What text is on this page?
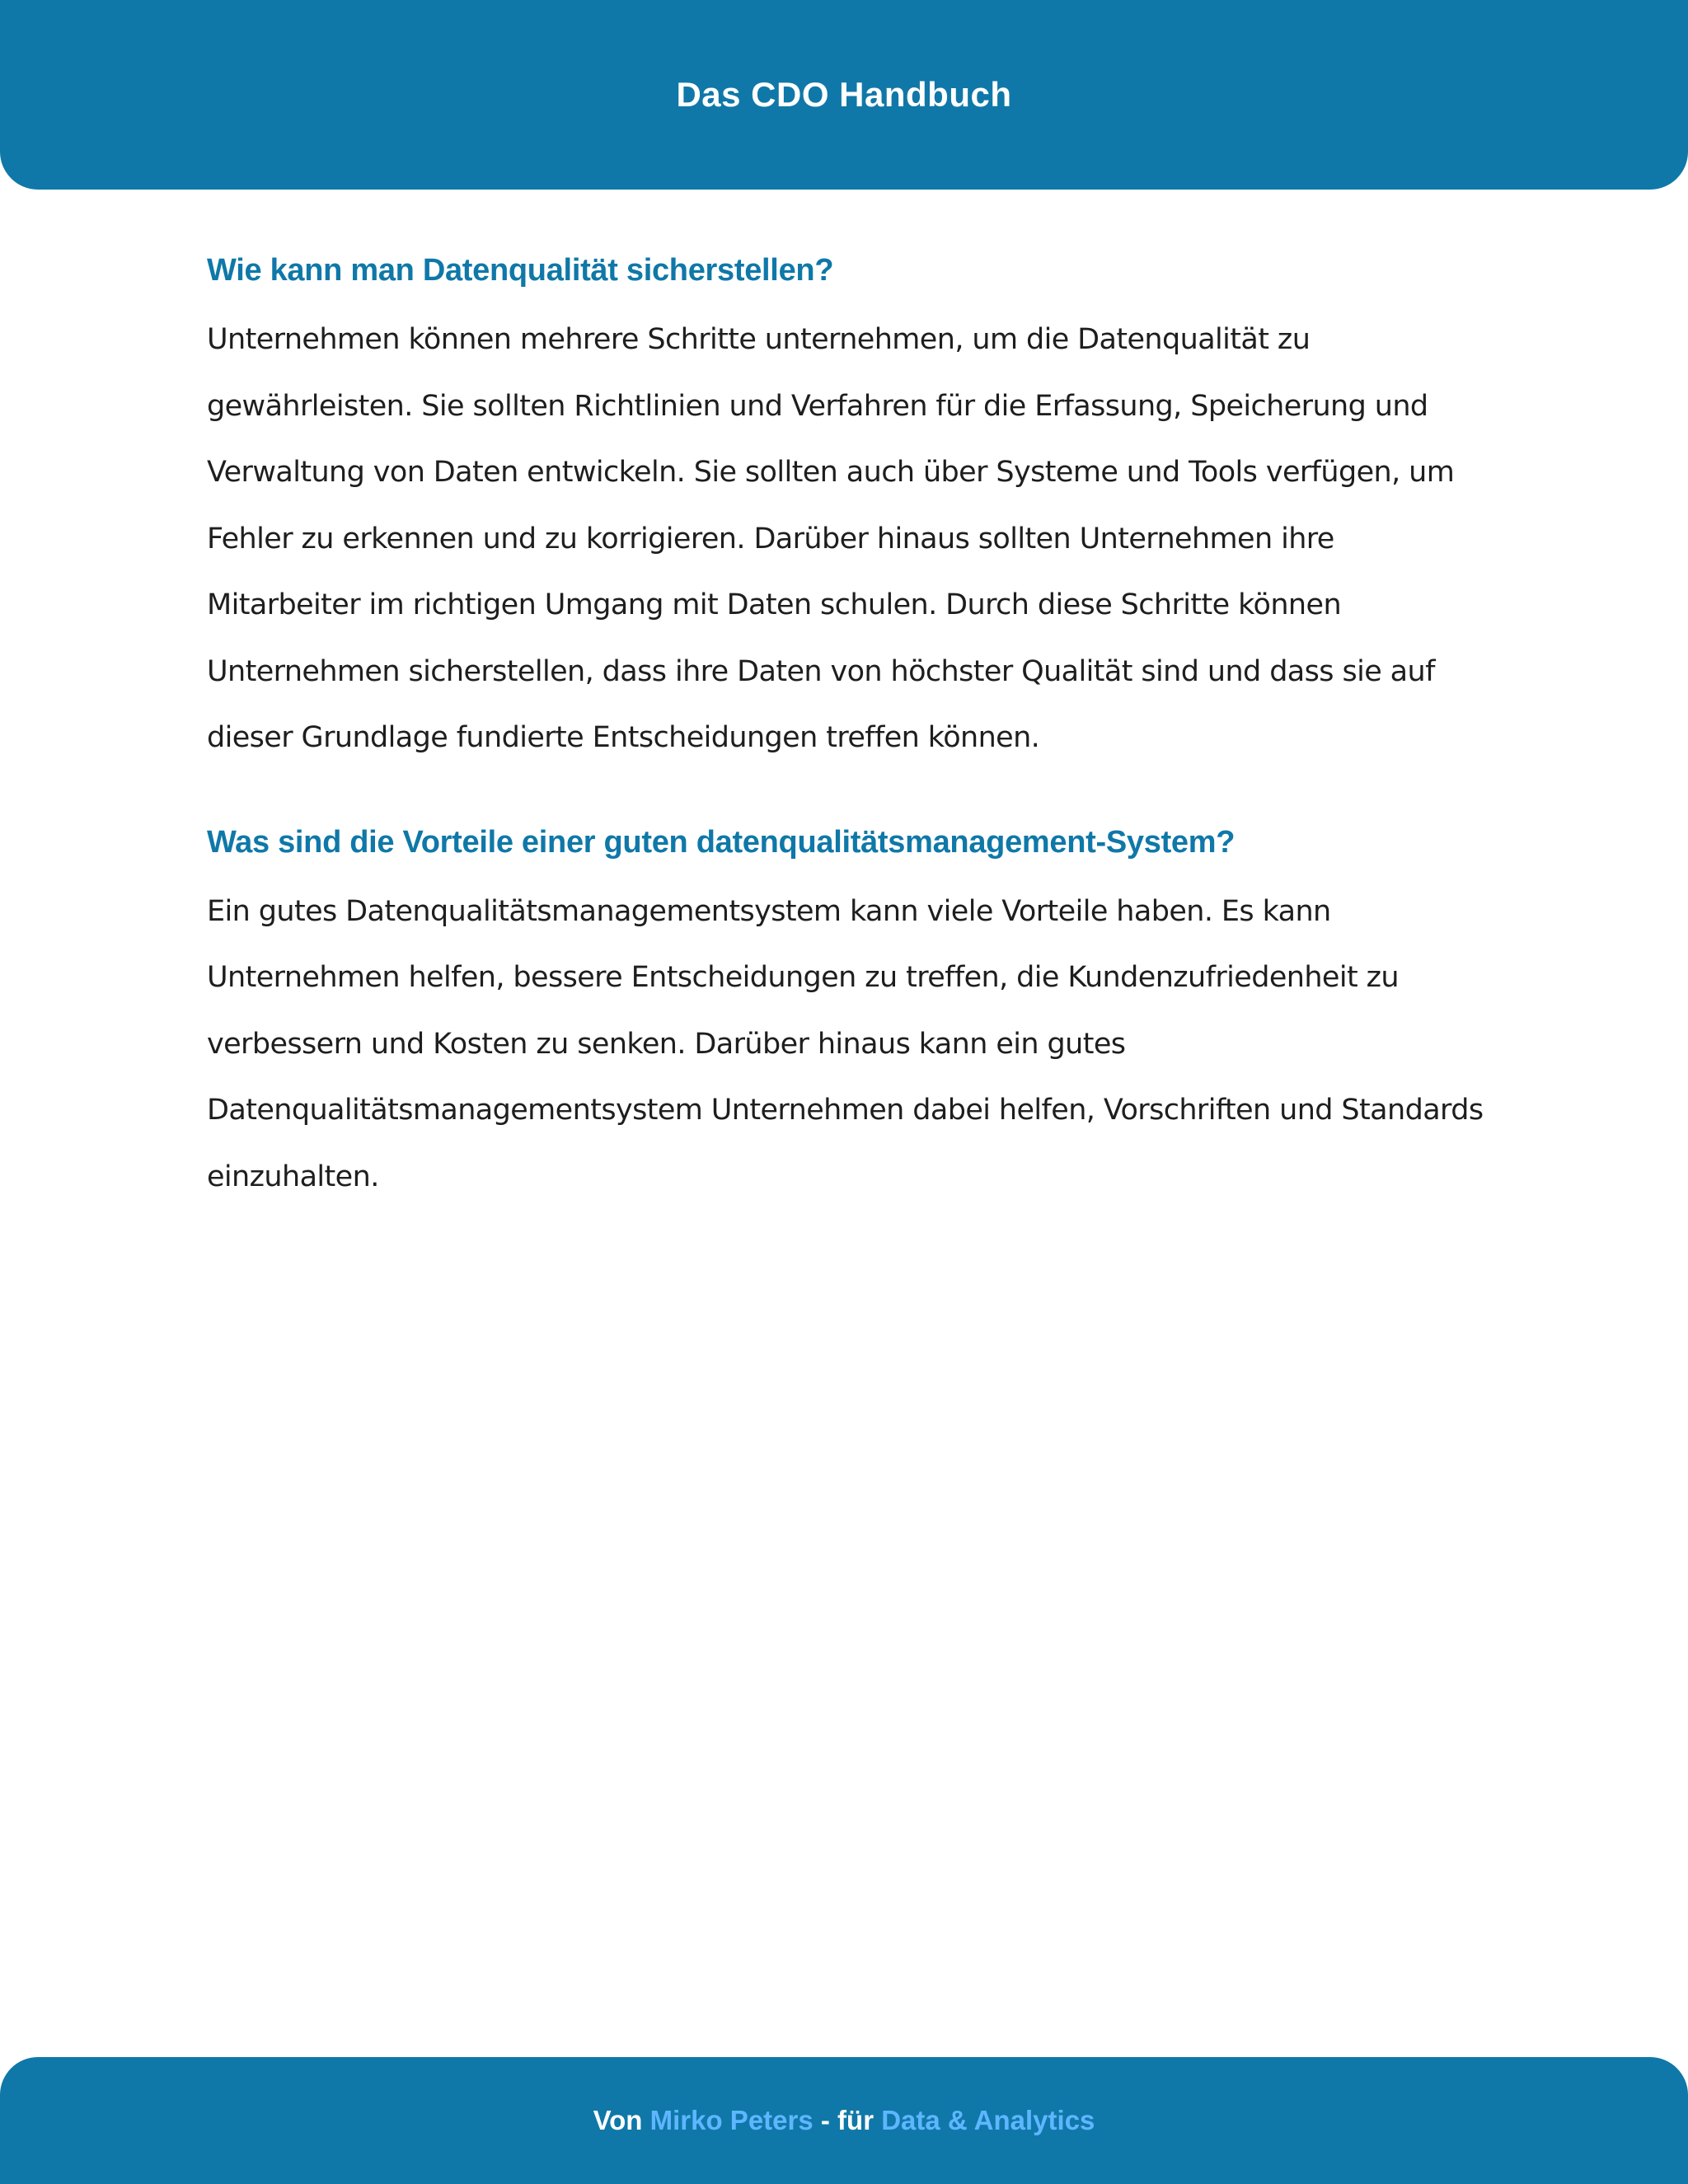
Das CDO Handbuch
Wie kann man Datenqualität sicherstellen?

Unternehmen können mehrere Schritte unternehmen, um die Datenqualität zu gewährleisten. Sie sollten Richtlinien und Verfahren für die Erfassung, Speicherung und Verwaltung von Daten entwickeln. Sie sollten auch über Systeme und Tools verfügen, um Fehler zu erkennen und zu korrigieren. Darüber hinaus sollten Unternehmen ihre Mitarbeiter im richtigen Umgang mit Daten schulen. Durch diese Schritte können Unternehmen sicherstellen, dass ihre Daten von höchster Qualität sind und dass sie auf dieser Grundlage fundierte Entscheidungen treffen können.

Was sind die Vorteile einer guten datenqualitätsmanagement-System?

Ein gutes Datenqualitätsmanagementsystem kann viele Vorteile haben. Es kann Unternehmen helfen, bessere Entscheidungen zu treffen, die Kundenzufriedenheit zu verbessern und Kosten zu senken. Darüber hinaus kann ein gutes Datenqualitätsmanagementsystem Unternehmen dabei helfen, Vorschriften und Standards einzuhalten.

Von Mirko Peters - für Data & Analytics
